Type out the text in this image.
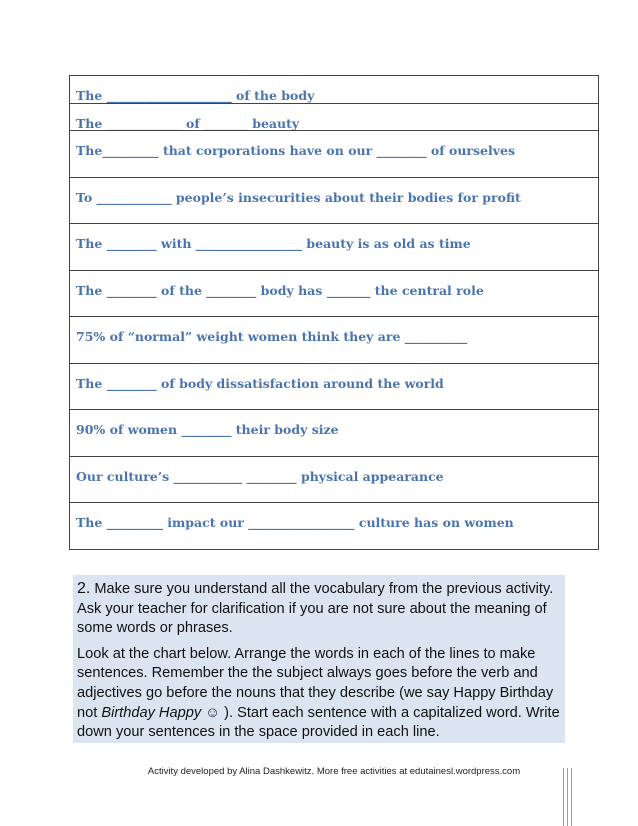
The ____________________ of the body
The ____________ of _______ beauty
The_________ that corporations have on our ________ of ourselves
To ____________ people’s insecurities about their bodies for profit
The ________ with _________________ beauty is as old as time
The ________ of the ________ body has _______ the central role
75% of “normal” weight women think they are __________
The ________ of body dissatisfaction around the world
90% of women ________ their body size
Our culture’s ___________ ________ physical appearance
The _________ impact our _________________ culture has on women

2. Make sure you understand all the vocabulary from the previous activity. Ask your teacher for clarification if you are not sure about the meaning of some words or phrases.

Look at the chart below. Arrange the words in each of the lines to make sentences. Remember the the subject always goes before the verb and adjectives go before the nouns that they describe (we say Happy Birthday not Birthday Happy ☺ ). Start each sentence with a capitalized word. Write down your sentences in the space provided in each line.

Activity developed by Alina Dashkewitz. More free activities at edutainesl.wordpress.com
